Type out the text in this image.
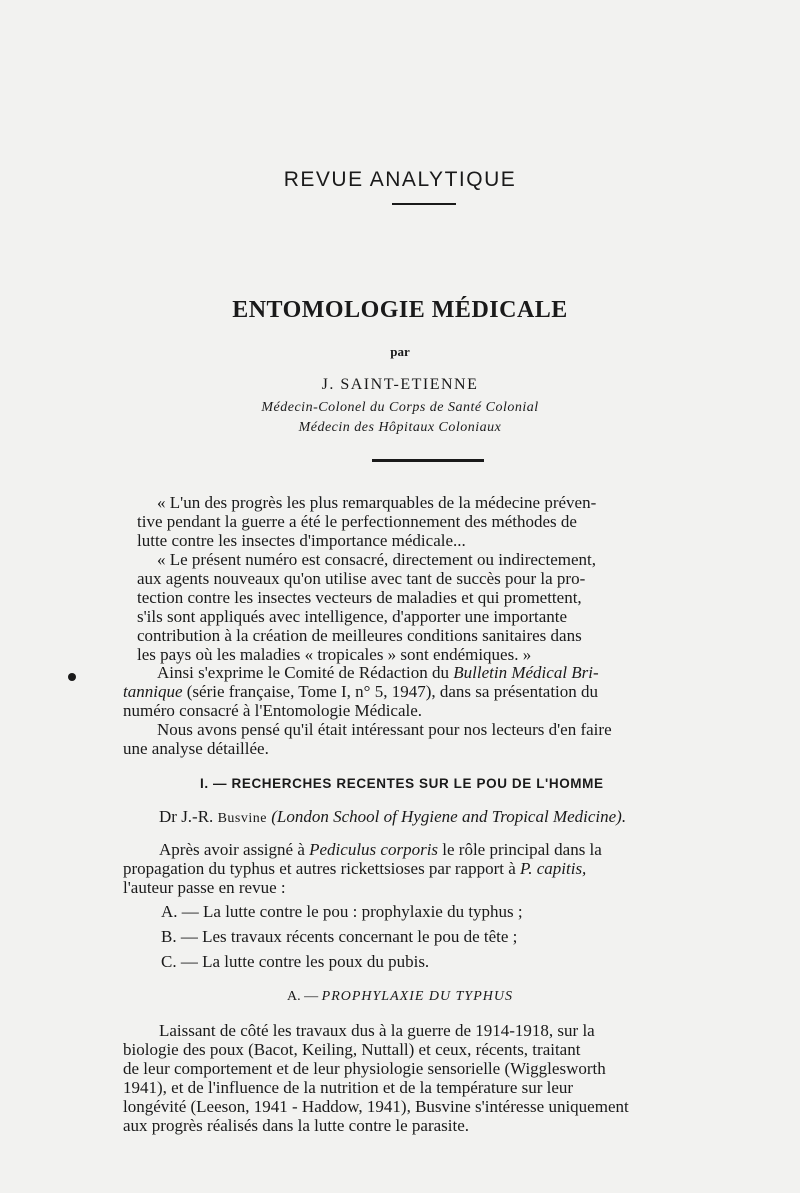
REVUE ANALYTIQUE
ENTOMOLOGIE MÉDICALE
par
J. SAINT-ETIENNE
Médecin-Colonel du Corps de Santé Colonial
Médecin des Hôpitaux Coloniaux
« L'un des progrès les plus remarquables de la médecine préven-
tive pendant la guerre a été le perfectionnement des méthodes de
lutte contre les insectes d'importance médicale...
« Le présent numéro est consacré, directement ou indirectement,
aux agents nouveaux qu'on utilise avec tant de succès pour la pro-
tection contre les insectes vecteurs de maladies et qui promettent,
s'ils sont appliqués avec intelligence, d'apporter une importante
contribution à la création de meilleures conditions sanitaires dans
les pays où les maladies « tropicales » sont endémiques. »
Ainsi s'exprime le Comité de Rédaction du Bulletin Médical Bri-
tannique (série française, Tome I, n° 5, 1947), dans sa présentation du
numéro consacré à l'Entomologie Médicale.
Nous avons pensé qu'il était intéressant pour nos lecteurs d'en faire
une analyse détaillée.
I. — RECHERCHES RECENTES SUR LE POU DE L'HOMME
Dr J.-R. Busvine (London School of Hygiene and Tropical Medicine).
Après avoir assigné à Pediculus corporis le rôle principal dans la
propagation du typhus et autres rickettsioses par rapport à P. capitis,
l'auteur passe en revue :
A. — La lutte contre le pou : prophylaxie du typhus ;
B. — Les travaux récents concernant le pou de tête ;
C. — La lutte contre les poux du pubis.
A. — PROPHYLAXIE DU TYPHUS
Laissant de côté les travaux dus à la guerre de 1914-1918, sur la
biologie des poux (Bacot, Keiling, Nuttall) et ceux, récents, traitant
de leur comportement et de leur physiologie sensorielle (Wigglesworth
1941), et de l'influence de la nutrition et de la température sur leur
longévité (Leeson, 1941 - Haddow, 1941), Busvine s'intéresse uniquement
aux progrès réalisés dans la lutte contre le parasite.
